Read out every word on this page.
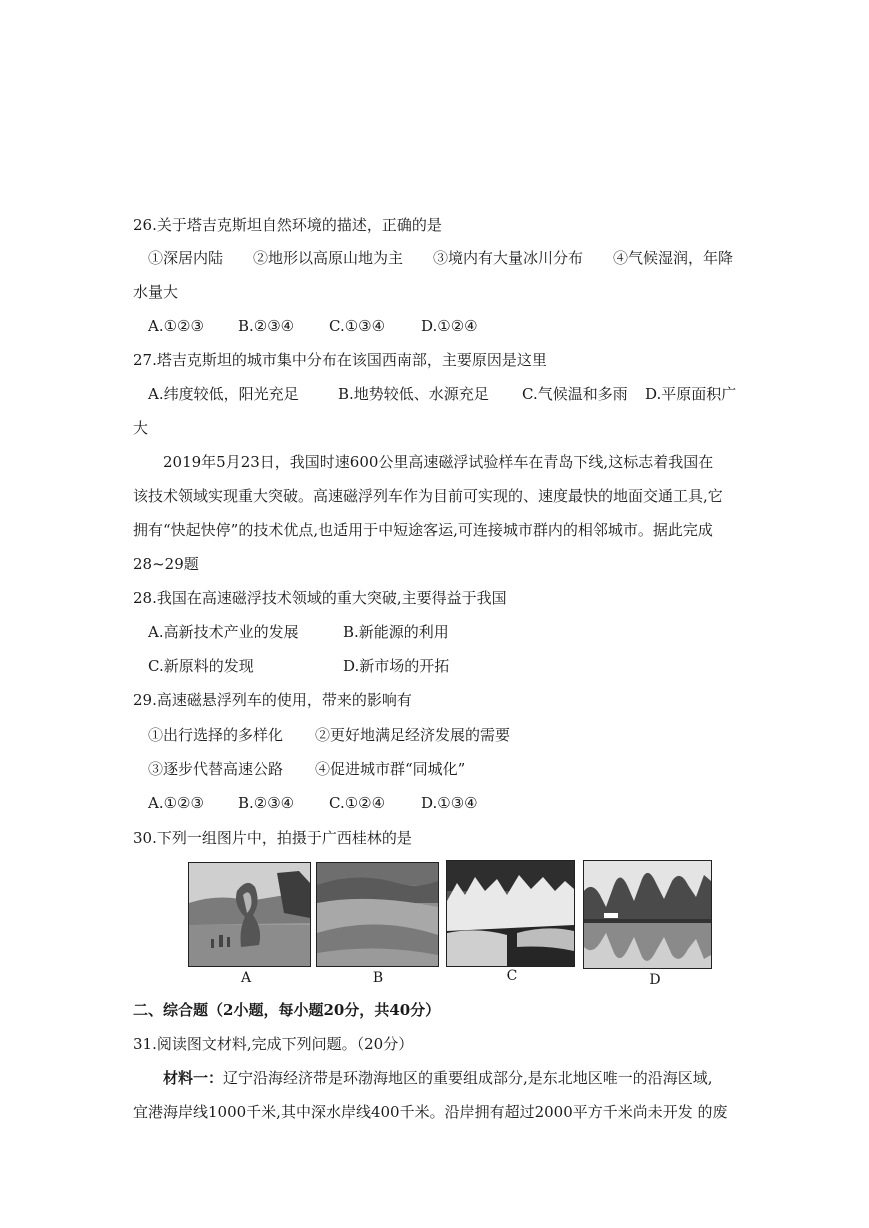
26.关于塔吉克斯坦自然环境的描述，正确的是
①深居内陆　　②地形以高原山地为主　　③境内有大量冰川分布　　④气候湿润，年降
水量大
A.①②③ B.②③④ C.①③④ D.①②④
27.塔吉克斯坦的城市集中分布在该国西南部，主要原因是这里
A.纬度较低，阳光充足	B.地势较低、水源充足 C.气候温和多雨 D.平原面积广
大
2019年5月23日，我国时速600公里高速磁浮试验样车在青岛下线,这标志着我国在
该技术领域实现重大突破。高速磁浮列车作为目前可实现的、速度最快的地面交通工具,它
拥有“快起快停”的技术优点,也适用于中短途客运,可连接城市群内的相邻城市。据此完成
28~29题
28.我国在高速磁浮技术领域的重大突破,主要得益于我国
A.高新技术产业的发展	B.新能源的利用
C.新原料的发现	D.新市场的开拓
29.高速磁悬浮列车的使用，带来的影响有
①出行选择的多样化 ②更好地满足经济发展的需要
③逐步代替高速公路 ④促进城市群“同城化”
A.①②③ B.②③④ C.①②④ D.①③④
30.下列一组图片中，拍摄于广西桂林的是
A	B	C	D
二、综合题（2小题，每小题20分，共40分）
31.阅读图文材料,完成下列问题。（20分）
材料一：辽宁沿海经济带是环渤海地区的重要组成部分,是东北地区唯一的沿海区域,
宜港海岸线1000千米,其中深水岸线400千米。沿岸拥有超过2000平方千米尚未开发 的废
